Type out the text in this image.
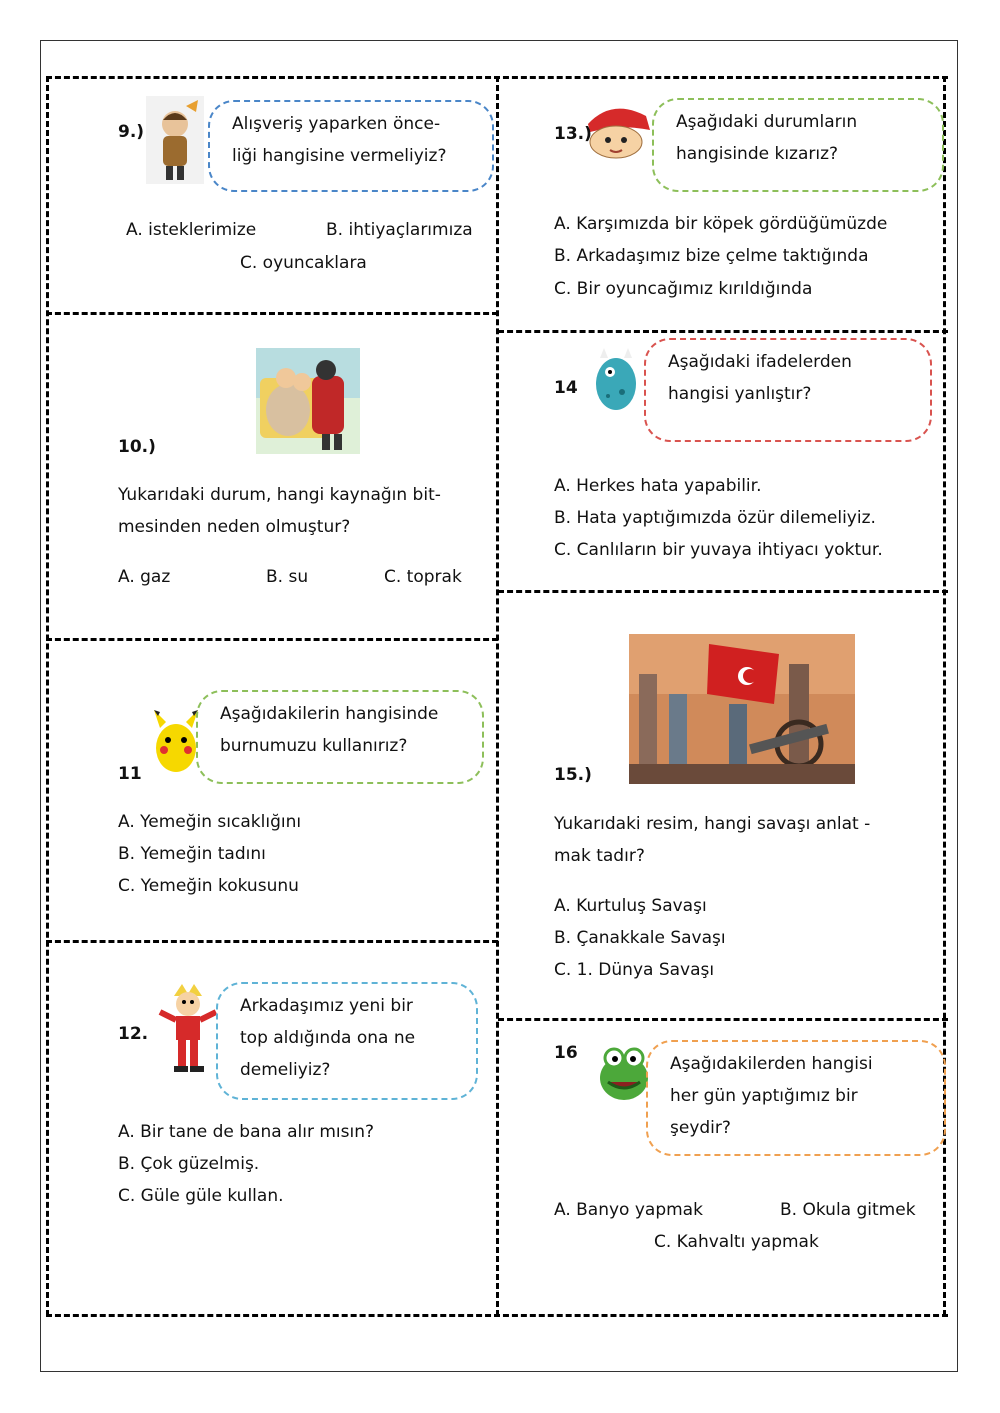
9.)	Alışveriş yaparken önce-
liği hangisine vermeliyiz?
A. isteklerimize	B. ihtiyaçlarımıza
C. oyuncaklara
13.)
Aşağıdaki durumların
hangisinde kızarız?
A. Karşımızda bir köpek gördüğümüzde
B. Arkadaşımız bize çelme taktığında
C. Bir oyuncağımız kırıldığında
10.)
Yukarıdaki durum, hangi kaynağın bit-
mesinden neden olmuştur?
A. gaz	B. su	C. toprak
14
Aşağıdaki ifadelerden
hangisi yanlıştır?
A. Herkes hata yapabilir.
B. Hata yaptığımızda özür dilemeliyiz.
C. Canlıların bir yuvaya ihtiyacı yoktur.
11
Aşağıdakilerin hangisinde
burnumuzu kullanırız?
A. Yemeğin sıcaklığını
B. Yemeğin tadını
C. Yemeğin kokusunu
15.)
Yukarıdaki resim, hangi savaşı anlat -
mak tadır?
A. Kurtuluş Savaşı
B. Çanakkale Savaşı
C. 1. Dünya Savaşı
12.
Arkadaşımız yeni bir
top aldığında ona ne
demeliyiz?
A. Bir tane de bana alır mısın?
B. Çok güzelmiş.
C. Güle güle kullan.
16
Aşağıdakilerden hangisi
her gün yaptığımız bir
şeydir?
A. Banyo yapmak	B. Okula gitmek
C. Kahvaltı yapmak
